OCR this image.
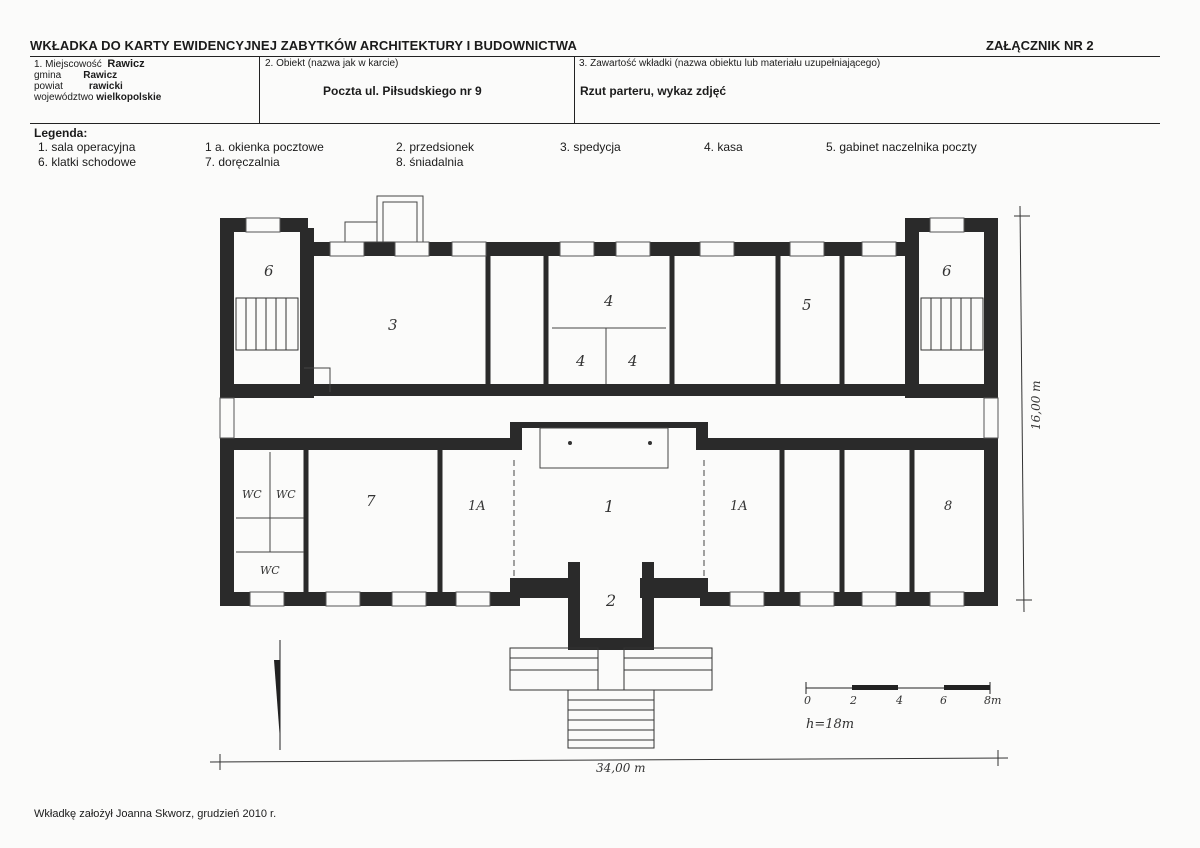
WKŁADKA DO KARTY EWIDENCYJNEJ ZABYTKÓW ARCHITEKTURY I BUDOWNICTWA	ZAŁĄCZNIK NR 2
1. Miejscowość Rawicz
gmina Rawicz
powiat	rawicki
województwo wielkopolskie
2. Obiekt (nazwa jak w karcie)
Poczta ul. Piłsudskiego nr 9
3. Zawartość wkładki (nazwa obiektu lub materiału uzupełniającego)
Rzut parteru, wykaz zdjęć
Legenda:
1. sala operacyjna	1 a. okienka pocztowe	2. przedsionek	3. spedycja	4. kasa	5. gabinet naczelnika poczty
6. klatki schodowe	7. doręczalnia	8. śniadalnia
6
3
4
4	4
5
6
WC WC
WC
7	1A	1	1A	8
2
0	2	4	6	8m
h=18m
34,00 m
16,00 m
Wkładkę założył Joanna Skworz, grudzień 2010 r.
